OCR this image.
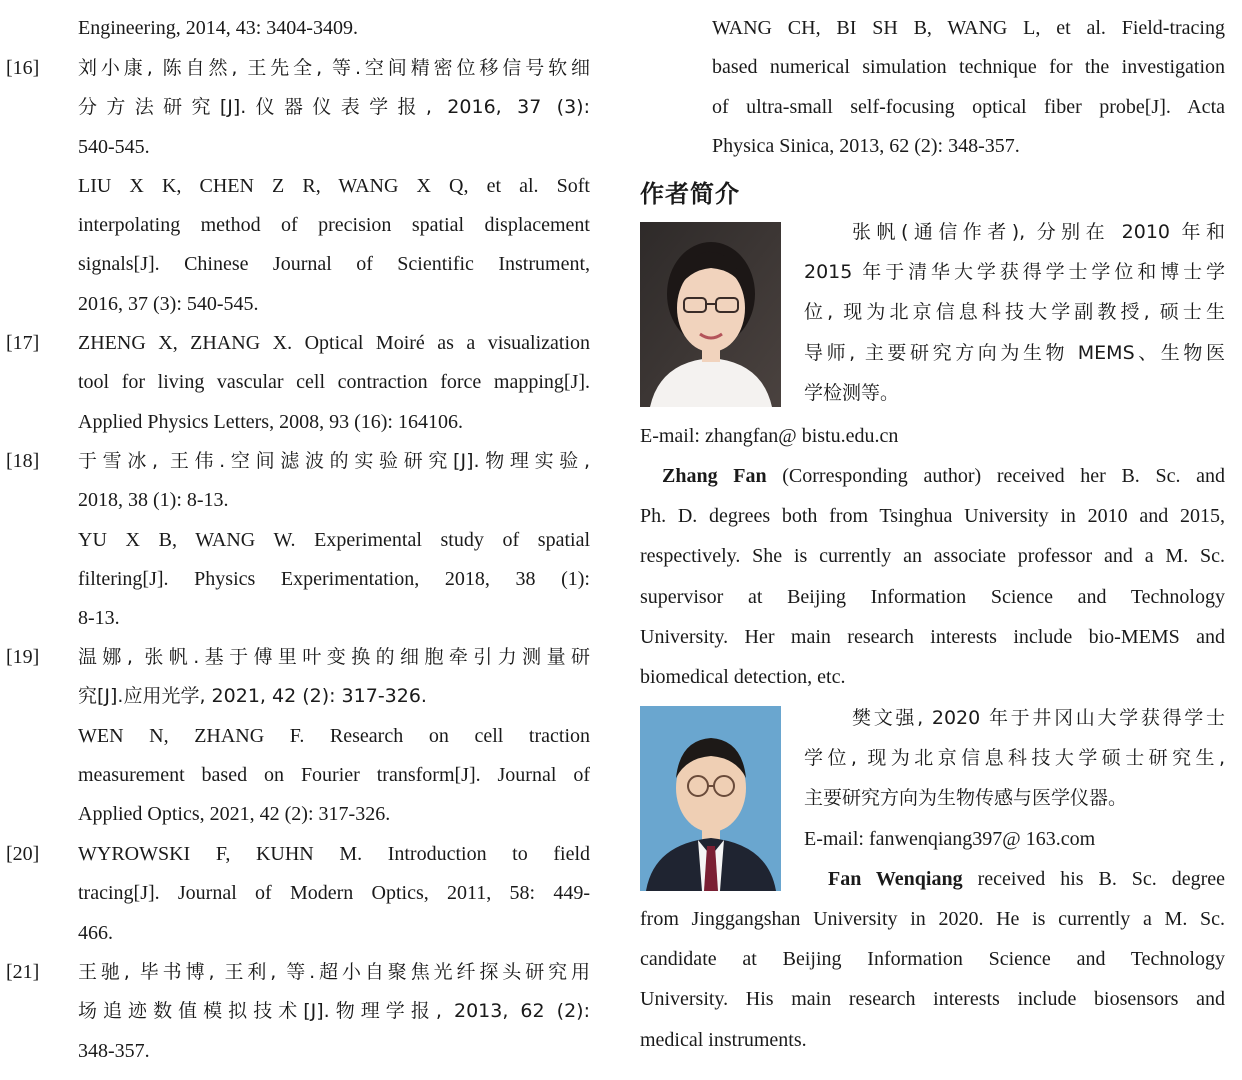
Engineering, 2014, 43: 3404-3409.
[16] 刘小康, 陈自然, 王先全, 等.空间精密位移信号软细
分方法研究[J].仪器仪表学报, 2016, 37 (3):
540-545.
LIU X K, CHEN Z R, WANG X Q, et al. Soft
interpolating method of precision spatial displacement
signals[J]. Chinese Journal of Scientific Instrument,
2016, 37 (3): 540-545.
[17] ZHENG X, ZHANG X. Optical Moiré as a visualization
tool for living vascular cell contraction force mapping[J].
Applied Physics Letters, 2008, 93 (16): 164106.
[18] 于雪冰, 王伟.空间滤波的实验研究[J].物理实验,
2018, 38 (1): 8-13.
YU X B, WANG W. Experimental study of spatial
filtering[J]. Physics Experimentation, 2018, 38 (1):
8-13.
[19] 温娜, 张帆.基于傅里叶变换的细胞牵引力测量研
究[J].应用光学, 2021, 42 (2): 317-326.
WEN N, ZHANG F. Research on cell traction
measurement based on Fourier transform[J]. Journal of
Applied Optics, 2021, 42 (2): 317-326.
[20] WYROWSKI F, KUHN M. Introduction to field
tracing[J]. Journal of Modern Optics, 2011, 58: 449-
466.
[21] 王驰, 毕书博, 王利, 等.超小自聚焦光纤探头研究用
场追迹数值模拟技术[J].物理学报, 2013, 62 (2):
348-357.
WANG CH, BI SH B, WANG L, et al. Field-tracing
based numerical simulation technique for the investigation
of ultra-small self-focusing optical fiber probe[J]. Acta
Physica Sinica, 2013, 62 (2): 348-357.
作者简介
张帆(通信作者), 分别在 2010 年和
2015 年于清华大学获得学士学位和博士学
位, 现为北京信息科技大学副教授, 硕士生
导师, 主要研究方向为生物 MEMS、生物医
学检测等。
E-mail: zhangfan@ bistu.edu.cn
Zhang Fan (Corresponding author) received her B. Sc. and
Ph. D. degrees both from Tsinghua University in 2010 and 2015,
respectively. She is currently an associate professor and a M. Sc.
supervisor at Beijing Information Science and Technology
University. Her main research interests include bio-MEMS and
biomedical detection, etc.
樊文强, 2020 年于井冈山大学获得学士
学位, 现为北京信息科技大学硕士研究生,
主要研究方向为生物传感与医学仪器。
E-mail: fanwenqiang397@ 163.com
Fan Wenqiang received his B. Sc. degree
from Jinggangshan University in 2020. He is currently a M. Sc.
candidate at Beijing Information Science and Technology
University. His main research interests include biosensors and
medical instruments.
